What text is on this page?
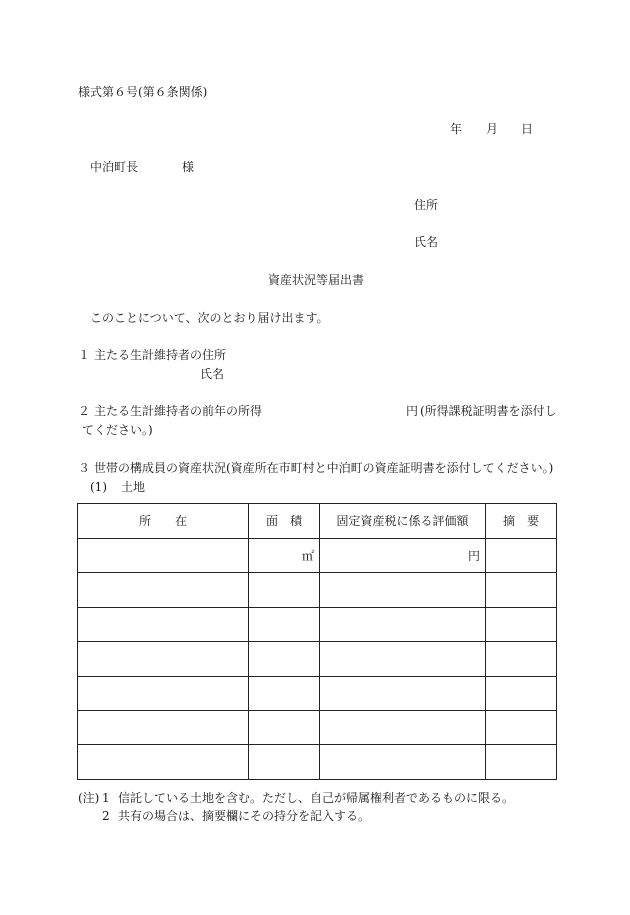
様式第６号(第６条関係)
年 月 日
中泊町長	様
住所
氏名
資産状況等届出書
このことについて、次のとおり届け出ます。
１ 主たる生計維持者の住所
氏名
２ 主たる生計維持者の前年の所得	円 (所得課税証明書を添付し
てください。)
３ 世帯の構成員の資産状況(資産所在市町村と中泊町の資産証明書を添付してください。)
(1) 土地
所　　在	面　積	固定資産税に係る評価額	摘　要
	㎡	円	

(注) 1 信託している土地を含む。ただし、自己が帰属権利者であるものに限る。
2 共有の場合は、摘要欄にその持分を記入する。
